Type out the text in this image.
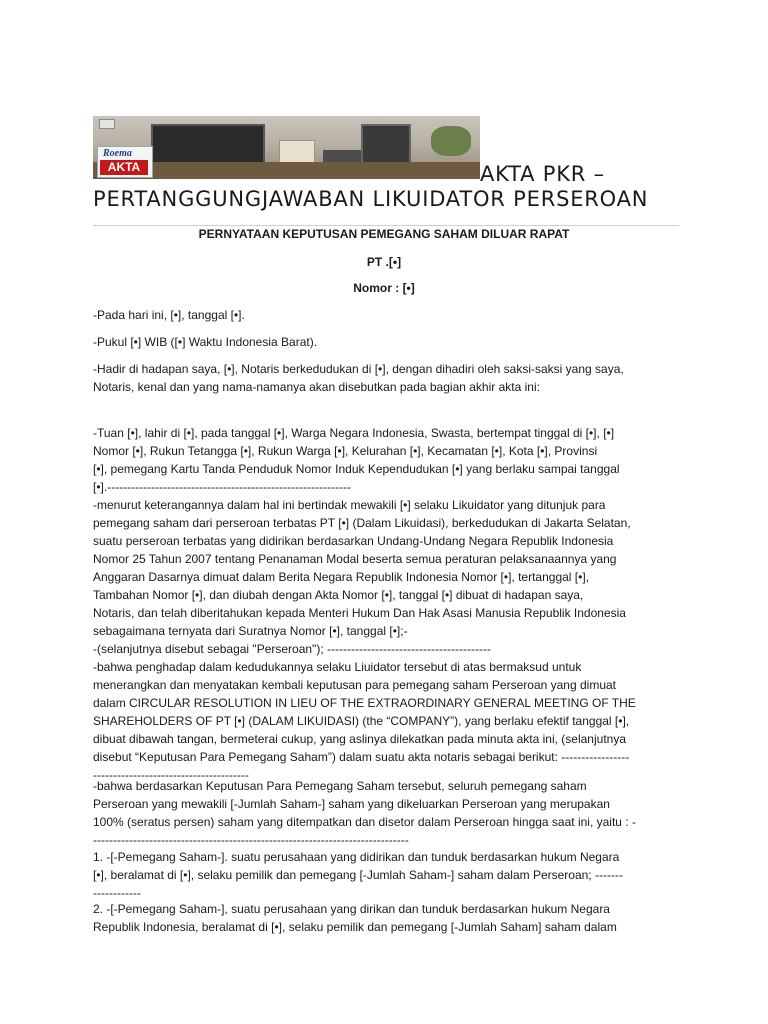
Roema
AKTA	AKTA PKR –
PERTANGGUNGJAWABAN LIKUIDATOR PERSEROAN
PERNYATAAN KEPUTUSAN PEMEGANG SAHAM DILUAR RAPAT
PT .[•]
Nomor : [•]
-Pada hari ini, [•], tanggal [•].
-Pukul [•] WIB ([•] Waktu Indonesia Barat).
-Hadir di hadapan saya, [•], Notaris berkedudukan di [•], dengan dihadiri oleh saksi-saksi yang saya,
Notaris, kenal dan yang nama-namanya akan disebutkan pada bagian akhir akta ini:
-Tuan [•], lahir di [•], pada tanggal [•], Warga Negara Indonesia, Swasta, bertempat tinggal di [•], [•]
Nomor [•], Rukun Tetangga [•], Rukun Warga [•], Kelurahan [•], Kecamatan [•], Kota [•], Provinsi
[•], pemegang Kartu Tanda Penduduk Nomor Induk Kependudukan [•] yang berlaku sampai tanggal
[•].-------------------------------------------------------------
-menurut keterangannya dalam hal ini bertindak mewakili [•] selaku Likuidator yang ditunjuk para
pemegang saham dari perseroan terbatas PT [•] (Dalam Likuidasi), berkedudukan di Jakarta Selatan,
suatu perseroan terbatas yang didirikan berdasarkan Undang-Undang Negara Republik Indonesia
Nomor 25 Tahun 2007 tentang Penanaman Modal beserta semua peraturan pelaksanaannya yang
Anggaran Dasarnya dimuat dalam Berita Negara Republik Indonesia Nomor [•], tertanggal [•],
Tambahan Nomor [•], dan diubah dengan Akta Nomor [•], tanggal [•] dibuat di hadapan saya,
Notaris, dan telah diberitahukan kepada Menteri Hukum Dan Hak Asasi Manusia Republik Indonesia
sebagaimana ternyata dari Suratnya Nomor [•], tanggal [•];-
-(selanjutnya disebut sebagai "Perseroan"); -----------------------------------------
-bahwa penghadap dalam kedudukannya selaku Liuidator tersebut di atas bermaksud untuk
menerangkan dan menyatakan kembali keputusan para pemegang saham Perseroan yang dimuat
dalam CIRCULAR RESOLUTION IN LIEU OF THE EXTRAORDINARY GENERAL MEETING OF THE
SHAREHOLDERS OF PT [•] (DALAM LIKUIDASI) (the “COMPANY”), yang berlaku efektif tanggal [•],
dibuat dibawah tangan, bermeterai cukup, yang aslinya dilekatkan pada minuta akta ini, (selanjutnya
disebut “Keputusan Para Pemegang Saham”) dalam suatu akta notaris sebagai berikut: -----------------
---------------------------------------
-bahwa berdasarkan Keputusan Para Pemegang Saham tersebut, seluruh pemegang saham
Perseroan yang mewakili [-Jumlah Saham-] saham yang dikeluarkan Perseroan yang merupakan
100% (seratus persen) saham yang ditempatkan dan disetor dalam Perseroan hingga saat ini, yaitu : -
-------------------------------------------------------------------------------
1. -[-Pemegang Saham-]. suatu perusahaan yang didirikan dan tunduk berdasarkan hukum Negara
[•], beralamat di [•], selaku pemilik dan pemegang [-Jumlah Saham-] saham dalam Perseroan; -------
------------
2. -[-Pemegang Saham-], suatu perusahaan yang dirikan dan tunduk berdasarkan hukum Negara
Republik Indonesia, beralamat di [•], selaku pemilik dan pemegang [-Jumlah Saham] saham dalam
